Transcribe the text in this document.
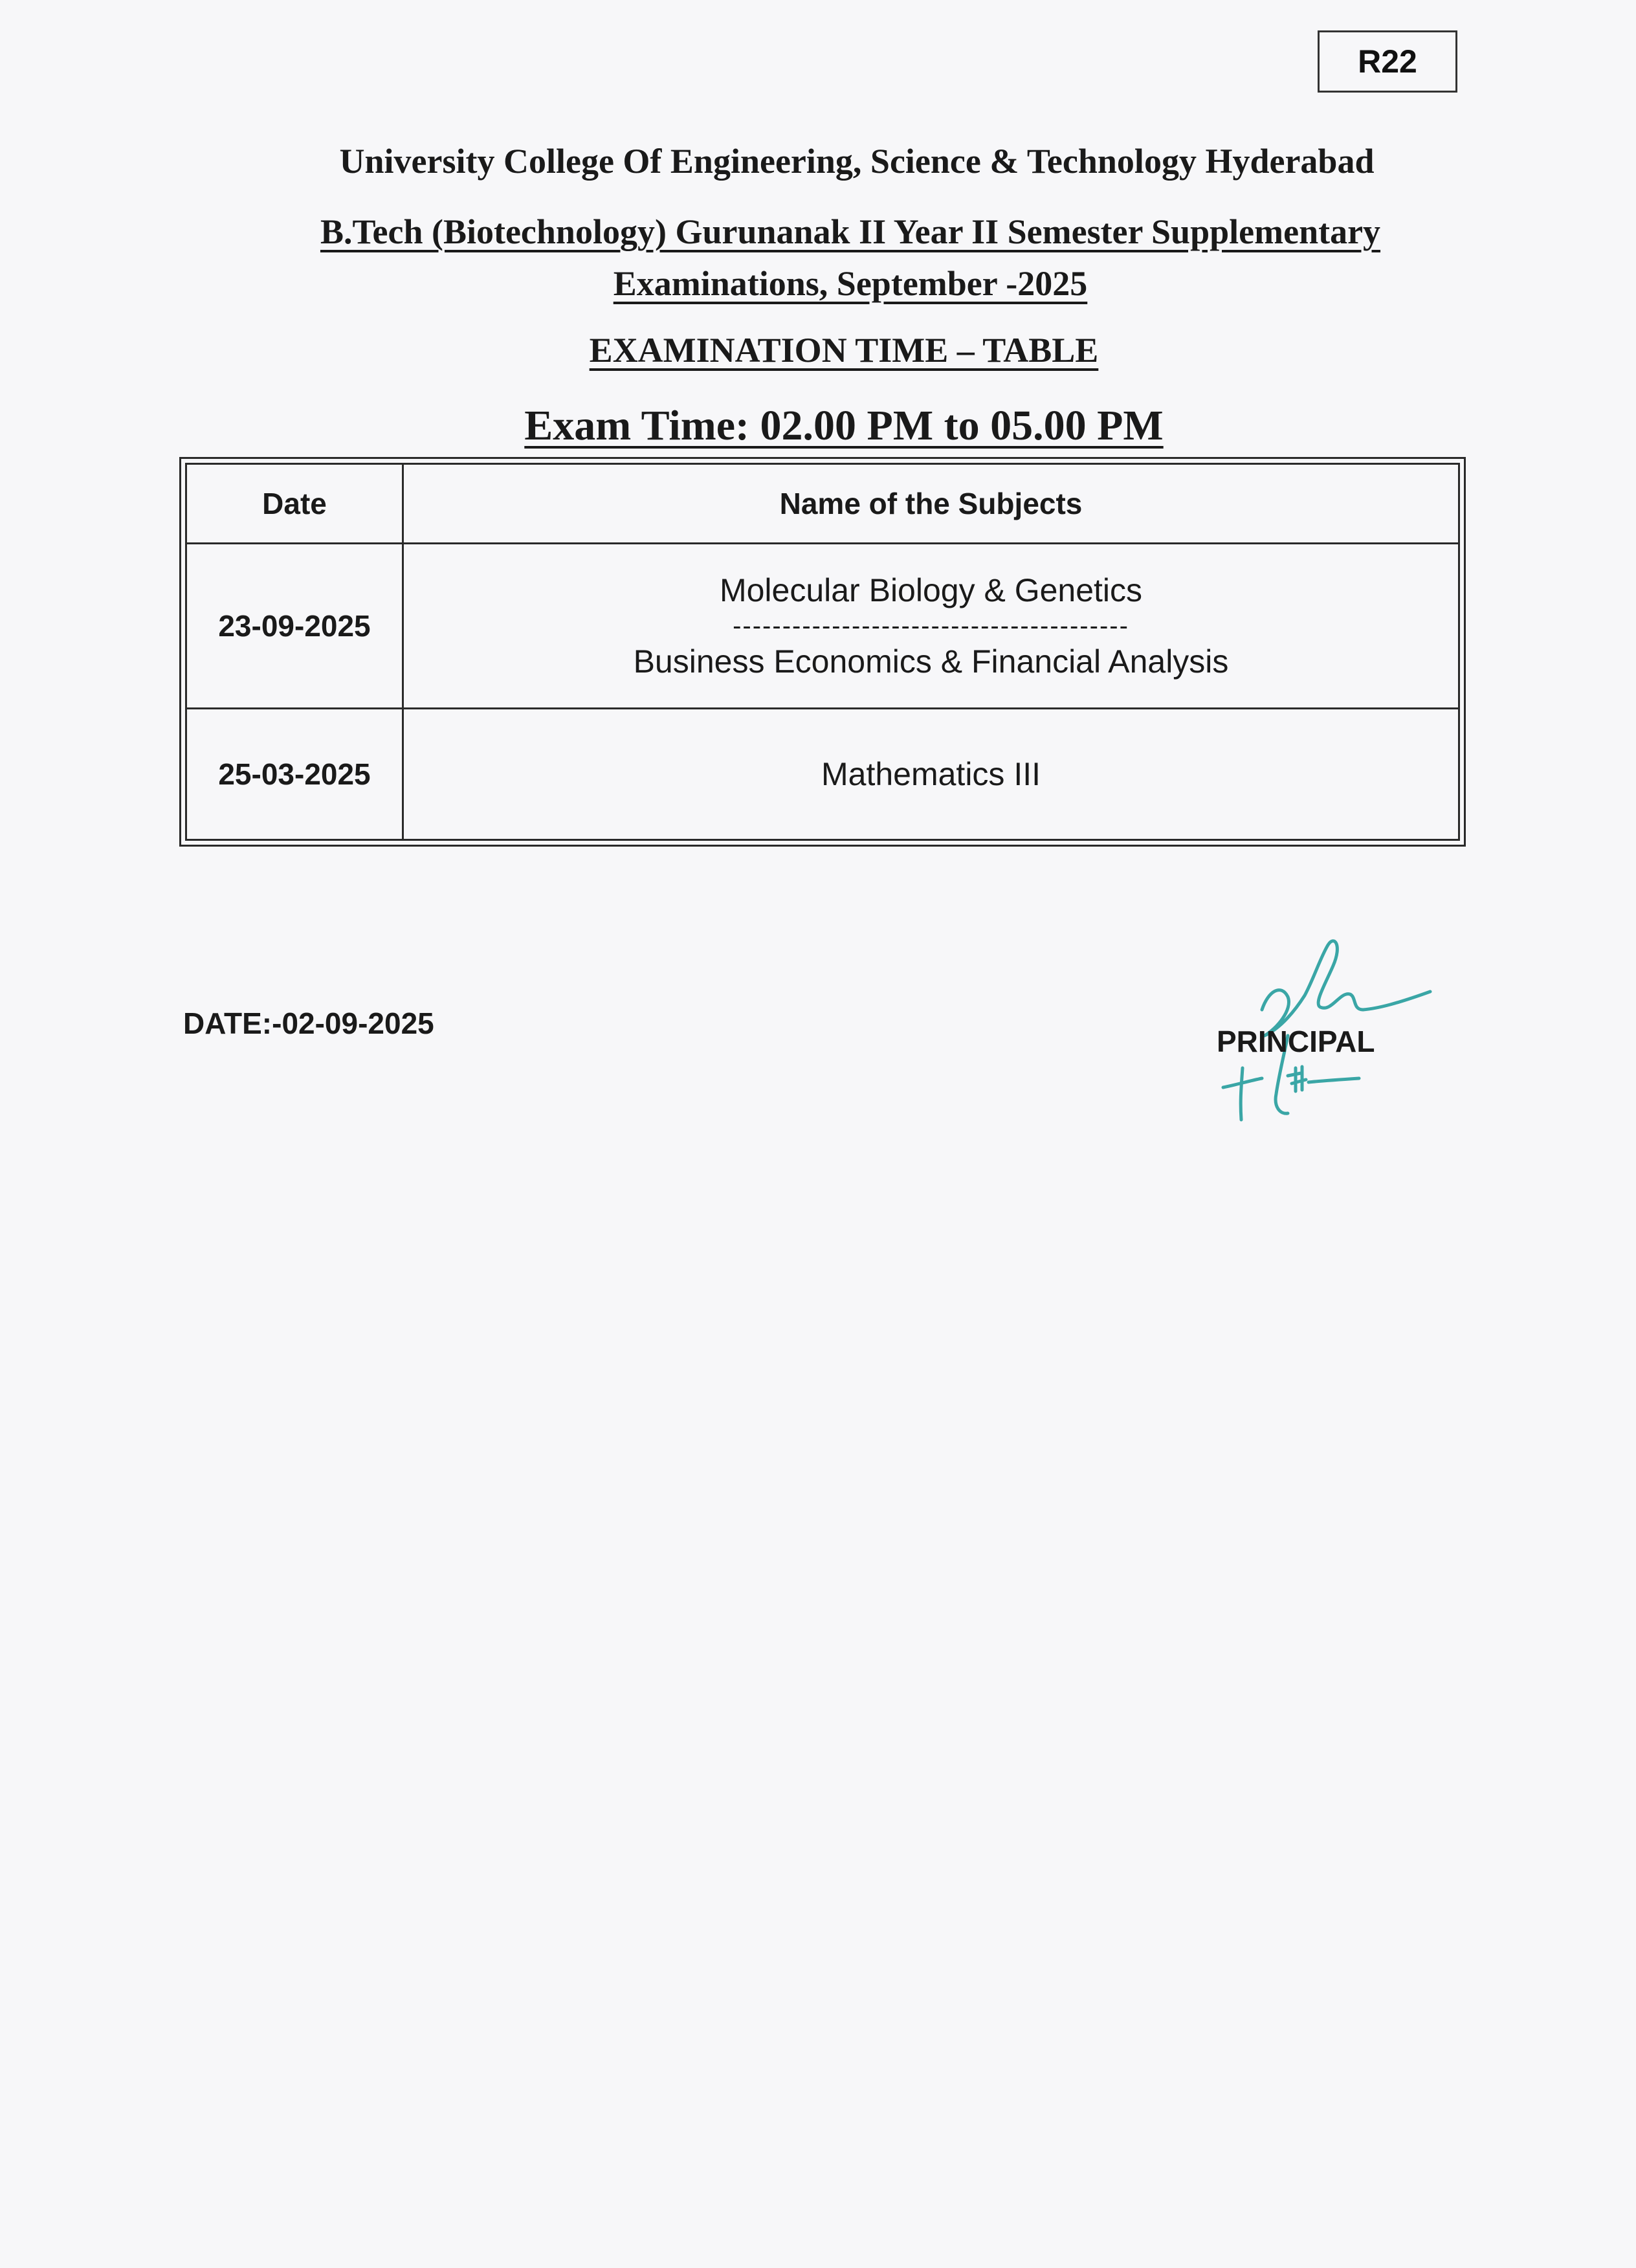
R22
University College Of Engineering, Science & Technology Hyderabad
B.Tech (Biotechnology) Gurunanak II Year II Semester Supplementary
Examinations, September -2025
EXAMINATION TIME – TABLE
Exam Time: 02.00 PM to 05.00 PM
Date	Name of the Subjects
23-09-2025	Molecular Biology & Genetics
----------------------------------------
Business Economics & Financial Analysis

25-03-2025	Mathematics III
DATE:-02-09-2025
PRINCIPAL
